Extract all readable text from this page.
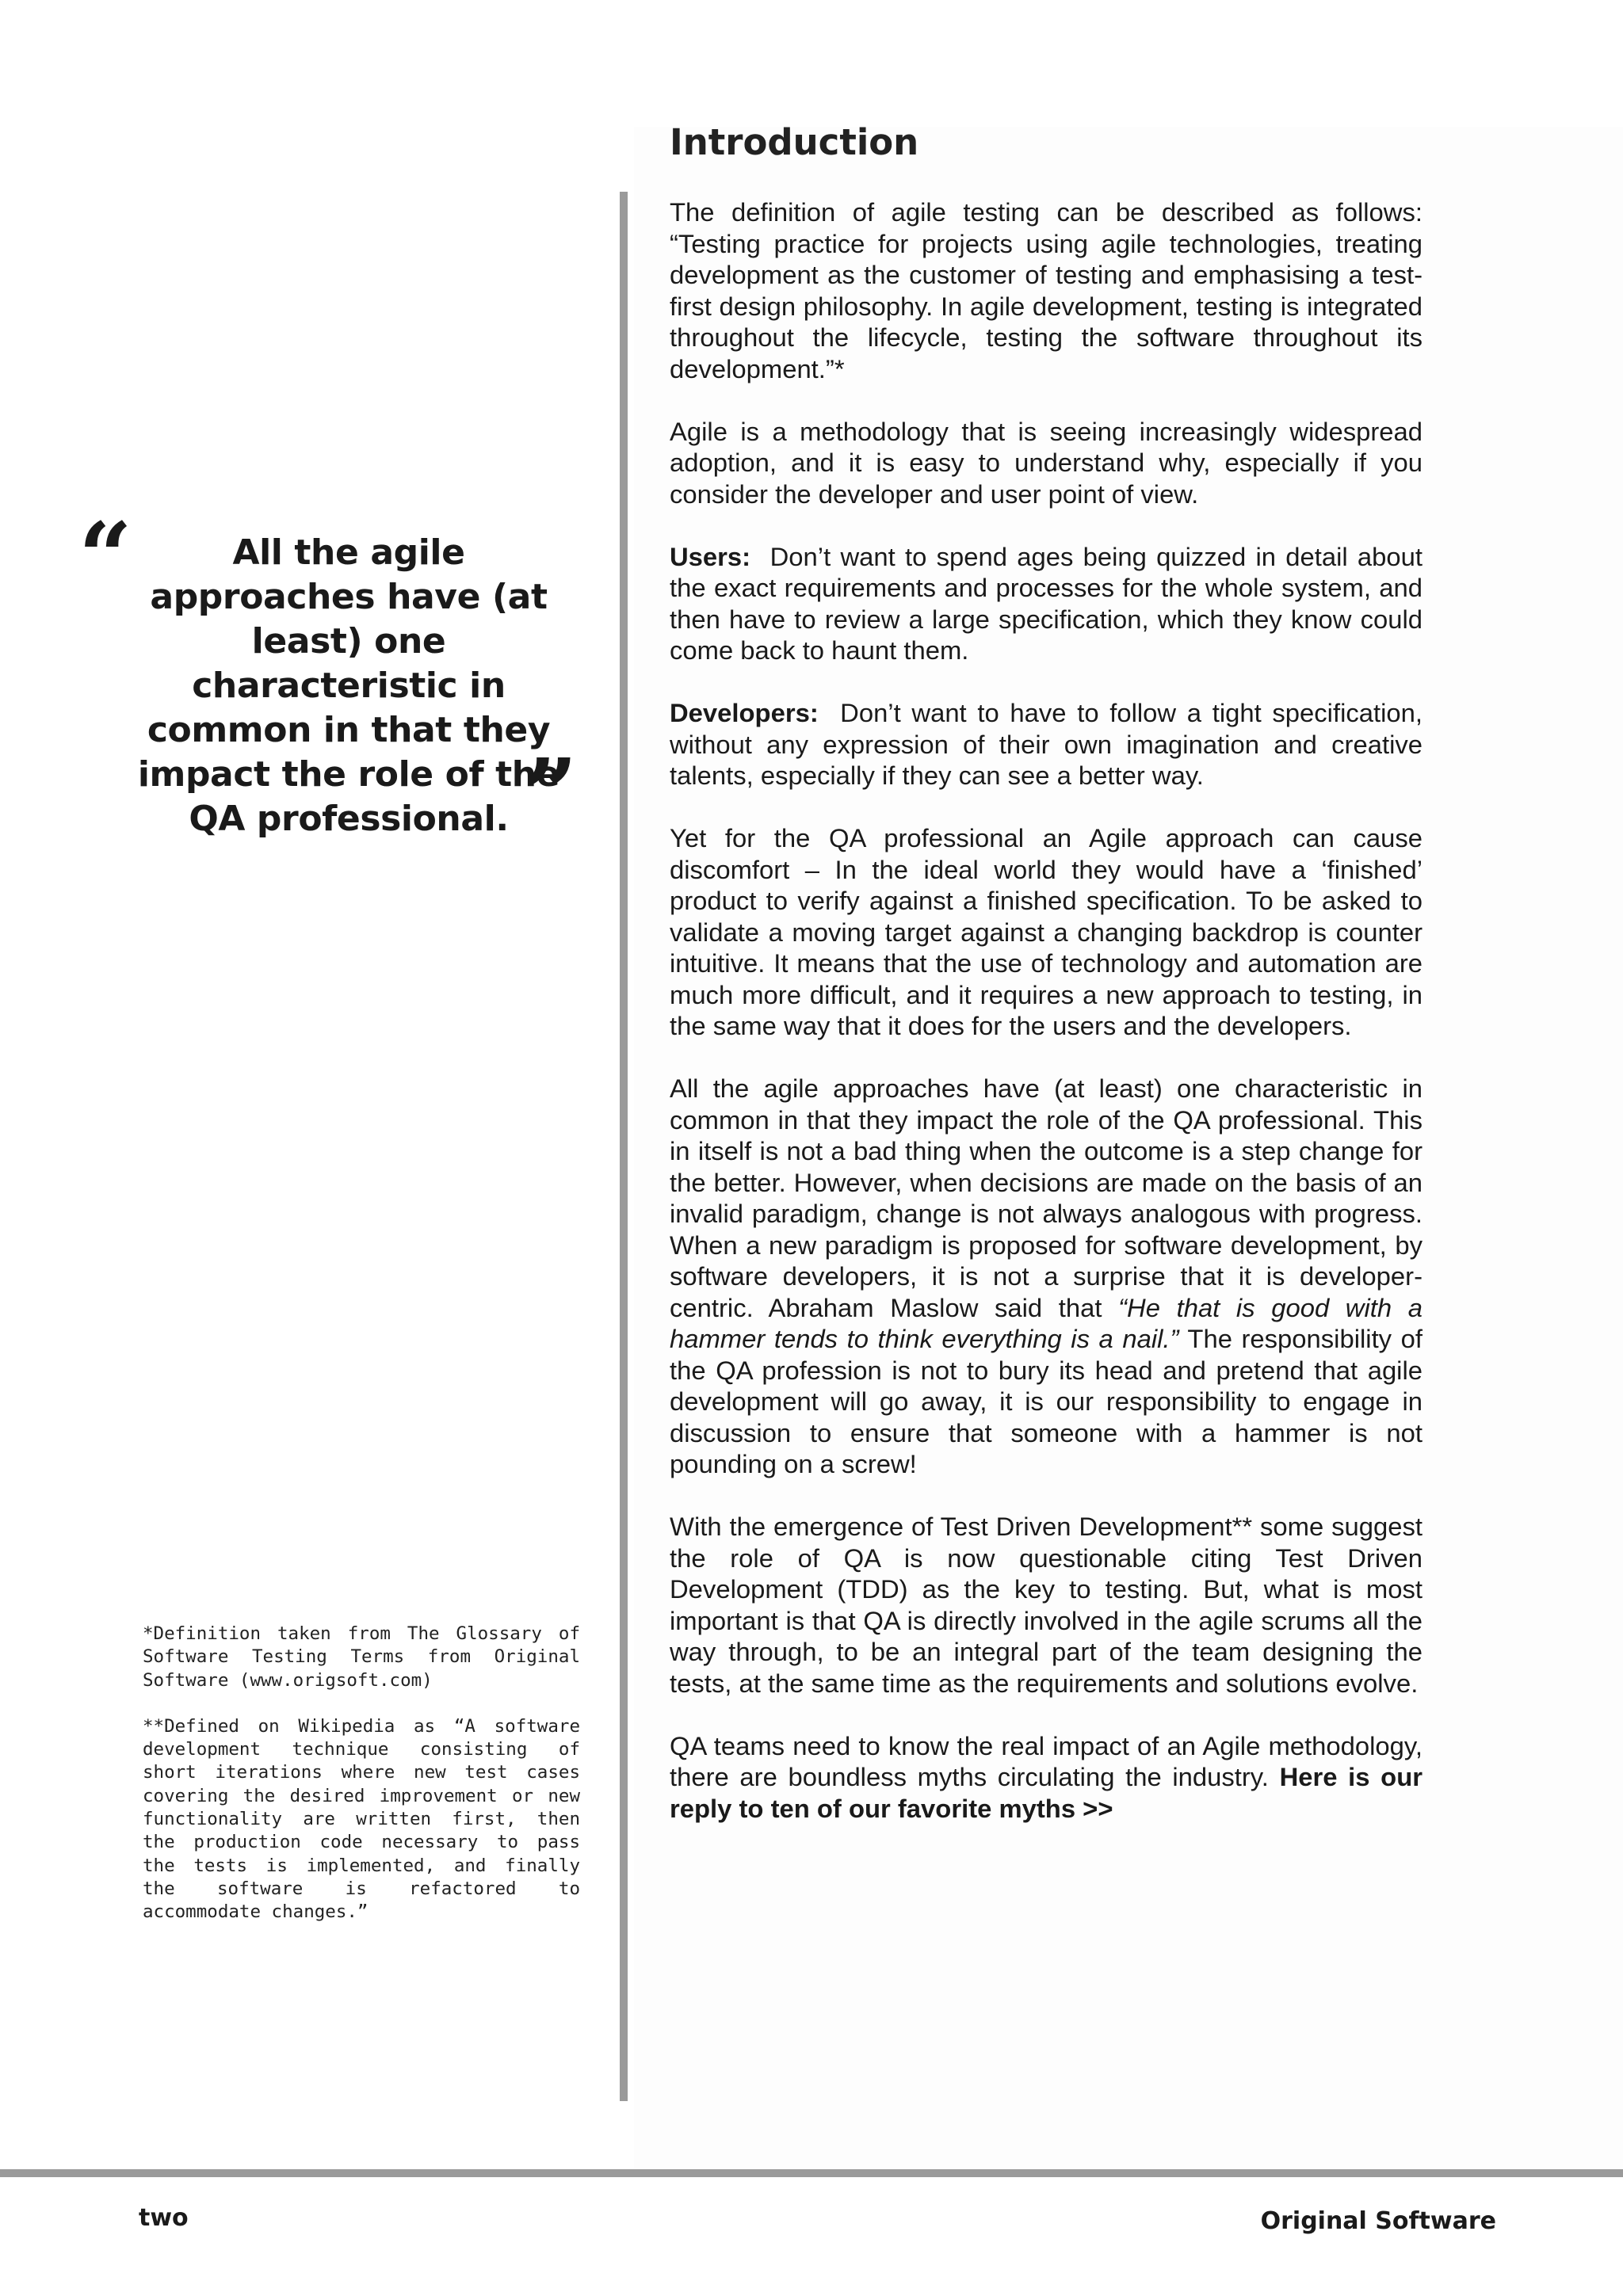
“	All the agile approaches have (at least) one characteristic in common in that they impact the role of the QA professional. ”

*Definition taken from The Glossary of Software Testing Terms from Original Software (www.origsoft.com)

**Defined on Wikipedia as “A software development technique consisting of short iterations where new test cases covering the desired improvement or new functionality are written first, then the production code necessary to pass the tests is implemented, and finally the software is refactored to accommodate changes.”

Introduction

The definition of agile testing can be described as follows: “Testing practice for projects using agile technologies, treating development as the customer of testing and emphasising a test-first design philosophy. In agile development, testing is integrated throughout the lifecycle, testing the software throughout its development.”*

Agile is a methodology that is seeing increasingly widespread adoption, and it is easy to understand why, especially if you consider the developer and user point of view.

Users: Don’t want to spend ages being quizzed in detail about the exact requirements and processes for the whole system, and then have to review a large specification, which they know could come back to haunt them.

Developers: Don’t want to have to follow a tight specification, without any expression of their own imagination and creative talents, especially if they can see a better way.

Yet for the QA professional an Agile approach can cause discomfort – In the ideal world they would have a ‘finished’ product to verify against a finished specification. To be asked to validate a moving target against a changing backdrop is counter intuitive. It means that the use of technology and automation are much more difficult, and it requires a new approach to testing, in the same way that it does for the users and the developers.

All the agile approaches have (at least) one characteristic in common in that they impact the role of the QA professional. This in itself is not a bad thing when the outcome is a step change for the better. However, when decisions are made on the basis of an invalid paradigm, change is not always analogous with progress. When a new paradigm is proposed for software development, by software developers, it is not a surprise that it is developer-centric. Abraham Maslow said that “He that is good with a hammer tends to think everything is a nail.” The responsibility of the QA profession is not to bury its head and pretend that agile development will go away, it is our responsibility to engage in discussion to ensure that someone with a hammer is not pounding on a screw!

With the emergence of Test Driven Development** some suggest the role of QA is now questionable citing Test Driven Development (TDD) as the key to testing. But, what is most important is that QA is directly involved in the agile scrums all the way through, to be an integral part of the team designing the tests, at the same time as the requirements and solutions evolve.

QA teams need to know the real impact of an Agile methodology, there are boundless myths circulating the industry. Here is our reply to ten of our favorite myths >>

two	Original Software
